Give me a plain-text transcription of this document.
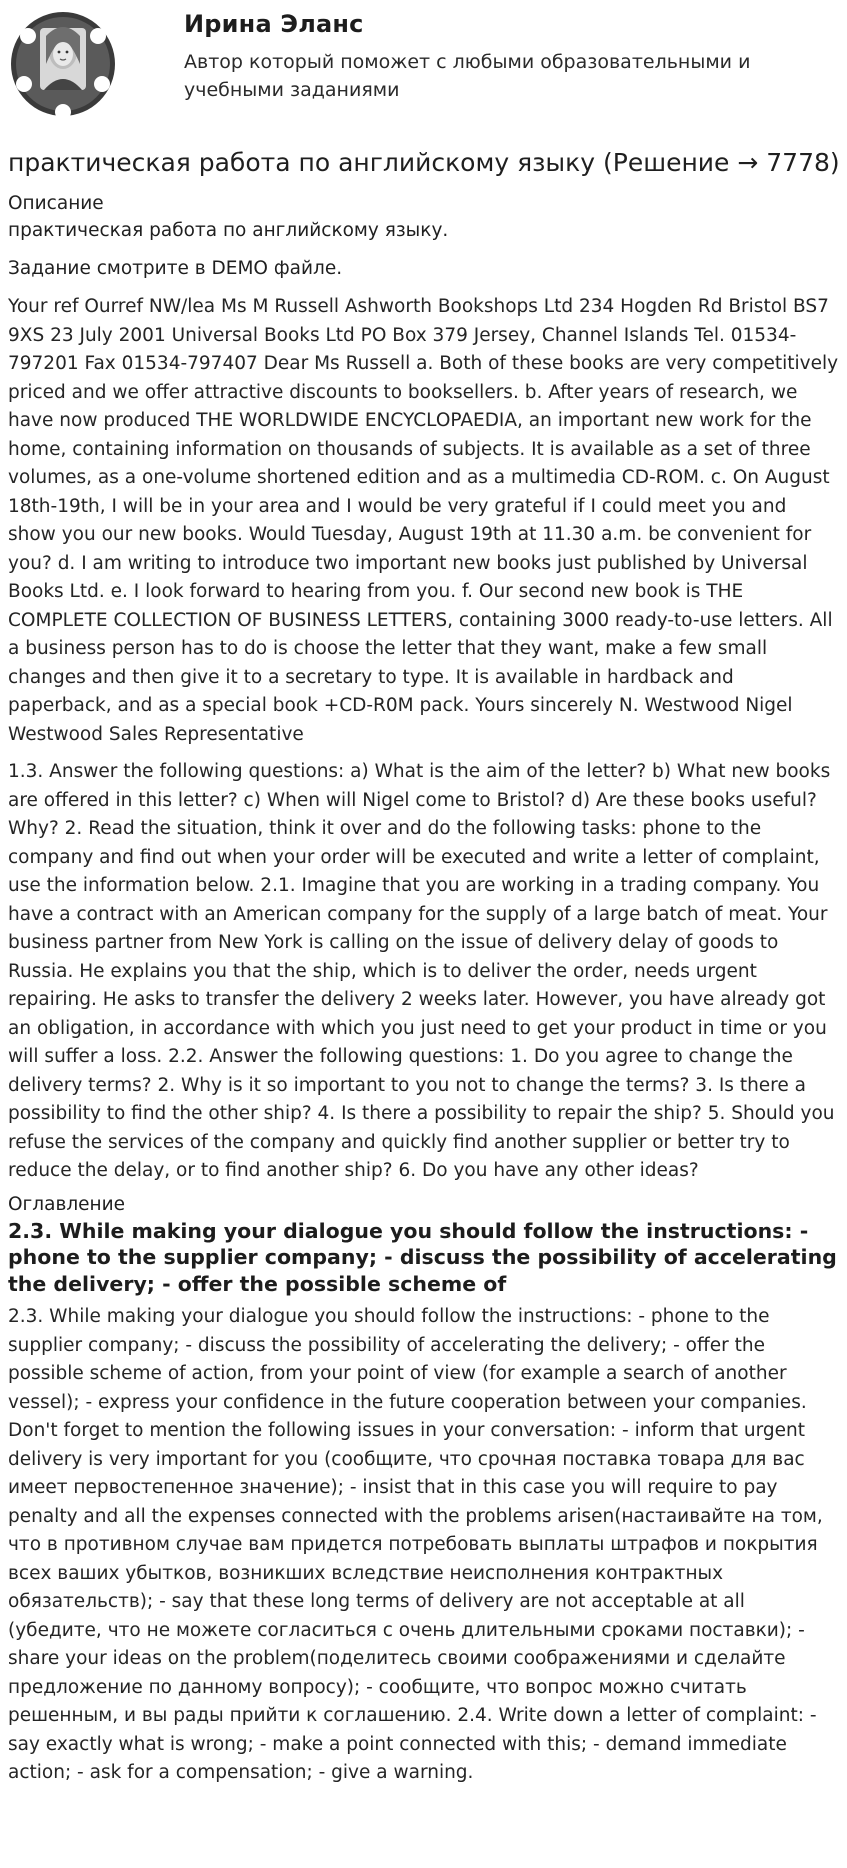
Ирина Эланс
Автор который поможет с любыми образовательными и учебными заданиями
практическая работа по английскому языку (Решение → 7778)
Описание

практическая работа по английскому языку.

Задание смотрите в DEMO файле.

Your ref Ourref NW/lea Ms M Russell Ashworth Bookshops Ltd 234 Hogden Rd Bristol BS7 9XS 23 July 2001 Universal Books Ltd PO Box 379 Jersey, Channel Islands Tel. 01534-797201 Fax 01534-797407 Dear Ms Russell a. Both of these books are very competitively priced and we offer attractive discounts to booksellers. b. After years of research, we have now produced THE WORLDWIDE ENCYCLOPAEDIA, an important new work for the home, containing information on thousands of subjects. It is available as a set of three volumes, as a one-volume shortened edition and as a multimedia CD-ROM. c. On August 18th-19th, I will be in your area and I would be very grateful if I could meet you and show you our new books. Would Tuesday, August 19th at 11.30 a.m. be convenient for you? d. I am writing to introduce two important new books just published by Universal Books Ltd. e. I look forward to hearing from you. f. Our second new book is THE COMPLETE COLLECTION OF BUSINESS LETTERS, containing 3000 ready-to-use letters. All a business person has to do is choose the letter that they want, make a few small changes and then give it to a secretary to type. It is available in hardback and paperback, and as a special book +CD-R0M pack. Yours sincerely N. Westwood Nigel Westwood Sales Representative

1.3. Answer the following questions: a) What is the aim of the letter? b) What new books are offered in this letter? c) When will Nigel come to Bristol? d) Are these books useful? Why? 2. Read the situation, think it over and do the following tasks: phone to the company and find out when your order will be executed and write a letter of complaint, use the information below. 2.1. Imagine that you are working in a trading company. You have a contract with an American company for the supply of a large batch of meat. Your business partner from New York is calling on the issue of delivery delay of goods to Russia. He explains you that the ship, which is to deliver the order, needs urgent repairing. He asks to transfer the delivery 2 weeks later. However, you have already got an obligation, in accordance with which you just need to get your product in time or you will suffer a loss. 2.2. Answer the following questions: 1. Do you agree to change the delivery terms? 2. Why is it so important to you not to change the terms? 3. Is there a possibility to find the other ship? 4. Is there a possibility to repair the ship? 5. Should you refuse the services of the company and quickly find another supplier or better try to reduce the delay, or to find another ship? 6. Do you have any other ideas?

Оглавление
2.3. While making your dialogue you should follow the instructions: - phone to the supplier company; - discuss the possibility of accelerating the delivery; - offer the possible scheme of

2.3. While making your dialogue you should follow the instructions: - phone to the supplier company; - discuss the possibility of accelerating the delivery; - offer the possible scheme of action, from your point of view (for example a search of another vessel); - express your confidence in the future cooperation between your companies. Don't forget to mention the following issues in your conversation: - inform that urgent delivery is very important for you (сообщите, что срочная поставка товара для вас имеет первостепенное значение); - insist that in this case you will require to pay penalty and all the expenses connected with the problems arisen(настаивайте на том, что в противном случае вам придется потребовать выплаты штрафов и покрытия всех ваших убытков, возникших вследствие неисполнения контрактных обязательств); - say that these long terms of delivery are not acceptable at all (убедите, что не можете согласиться с очень длительными сроками поставки); - share your ideas on the problem(поделитесь своими соображениями и сделайте предложение по данному вопросу); - сообщите, что вопрос можно считать решенным, и вы рады прийти к соглашению. 2.4. Write down a letter of complaint: - say exactly what is wrong; - make a point connected with this; - demand immediate action; - ask for a compensation; - give a warning.
